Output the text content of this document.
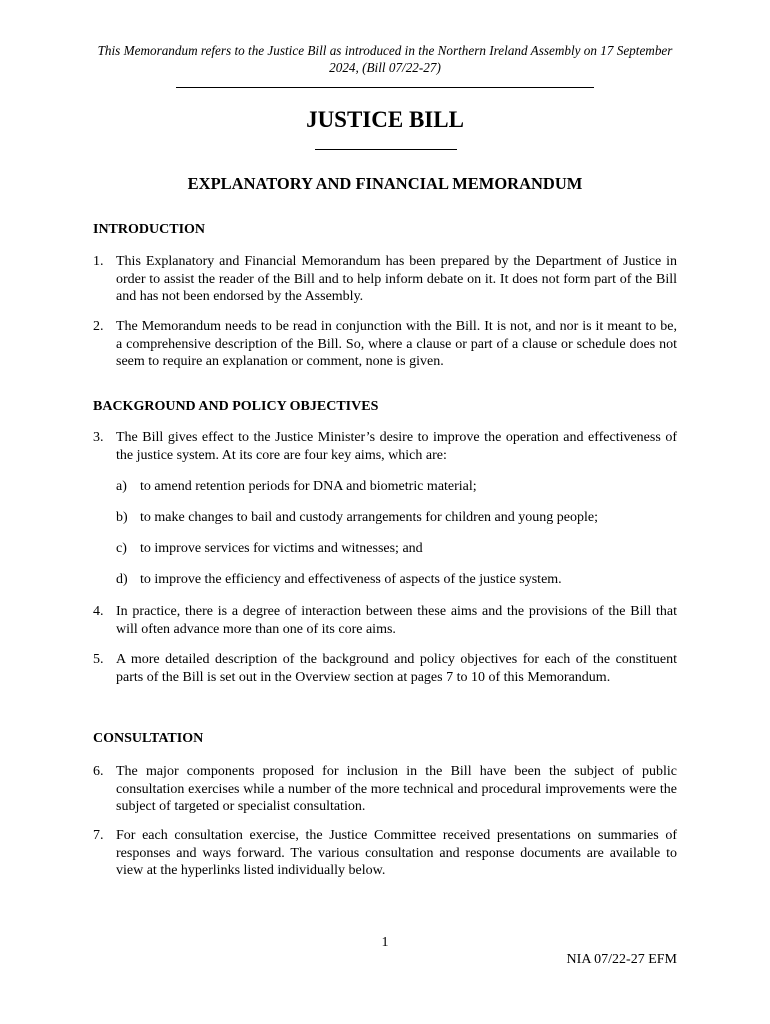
This Memorandum refers to the Justice Bill as introduced in the Northern Ireland Assembly on 17 September 2024, (Bill 07/22-27)
JUSTICE BILL
EXPLANATORY AND FINANCIAL MEMORANDUM
INTRODUCTION
1. This Explanatory and Financial Memorandum has been prepared by the Department of Justice in order to assist the reader of the Bill and to help inform debate on it. It does not form part of the Bill and has not been endorsed by the Assembly.
2. The Memorandum needs to be read in conjunction with the Bill. It is not, and nor is it meant to be, a comprehensive description of the Bill. So, where a clause or part of a clause or schedule does not seem to require an explanation or comment, none is given.
BACKGROUND AND POLICY OBJECTIVES
3. The Bill gives effect to the Justice Minister’s desire to improve the operation and effectiveness of the justice system. At its core are four key aims, which are:
a) to amend retention periods for DNA and biometric material;
b) to make changes to bail and custody arrangements for children and young people;
c) to improve services for victims and witnesses; and
d) to improve the efficiency and effectiveness of aspects of the justice system.
4. In practice, there is a degree of interaction between these aims and the provisions of the Bill that will often advance more than one of its core aims.
5. A more detailed description of the background and policy objectives for each of the constituent parts of the Bill is set out in the Overview section at pages 7 to 10 of this Memorandum.
CONSULTATION
6. The major components proposed for inclusion in the Bill have been the subject of public consultation exercises while a number of the more technical and procedural improvements were the subject of targeted or specialist consultation.
7. For each consultation exercise, the Justice Committee received presentations on summaries of responses and ways forward. The various consultation and response documents are available to view at the hyperlinks listed individually below.
1
NIA 07/22-27 EFM
